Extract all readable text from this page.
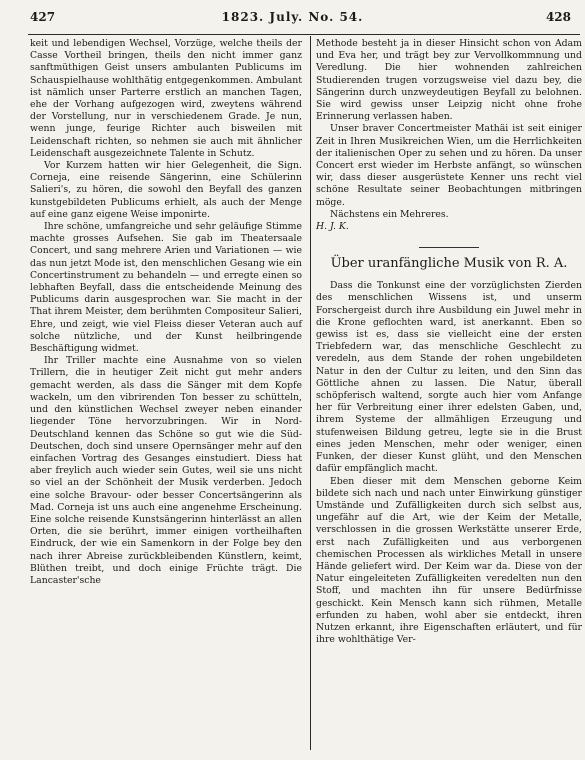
427	1823. July. No. 54.	428

keit und lebendigen Wechsel, Vorzüge, welche theils der Casse Vortheil bringen, theils den nicht immer ganz sanftmüthigen Geist unsers ambulanten Publicums im Schauspielhause wohlthätig entgegenkommen. Ambulant ist nämlich unser Parterre erstlich an manchen Tagen, ehe der Vorhang aufgezogen wird, zweytens während der Vorstellung, nur in verschiedenem Grade. Je nun, wenn junge, feurige Richter auch bisweilen mit Leidenschaft richten, so nehmen sie auch mit ähnlicher Leidenschaft ausgezeichnete Talente in Schutz.

Vor Kurzem hatten wir hier Gelegenheit, die Sign. Corneja, eine reisende Sängerinn, eine Schülerinn Salieri's, zu hören, die sowohl den Beyfall des ganzen kunstgebildeten Publicums erhielt, als auch der Menge auf eine ganz eigene Weise imponirte.

Ihre schöne, umfangreiche und sehr geläufige Stimme machte grosses Aufsehen. Sie gab im Theatersaale Concert, und sang mehrere Arien und Variationen — wie das nun jetzt Mode ist, den menschlichen Gesang wie ein Concertinstrument zu behandeln — und erregte einen so lebhaften Beyfall, dass die entscheidende Meinung des Publicums darin ausgesprochen war. Sie macht in der That ihrem Meister, dem berühmten Compositeur Salieri, Ehre, und zeigt, wie viel Fleiss dieser Veteran auch auf solche nützliche, und der Kunst heilbringende Beschäftigung widmet.

Ihr Triller machte eine Ausnahme von so vielen Trillern, die in heutiger Zeit nicht gut mehr anders gemacht werden, als dass die Sänger mit dem Kopfe wackeln, um den vibrirenden Ton besser zu schütteln, und den künstlichen Wechsel zweyer neben einander liegender Töne hervorzubringen. Wir in Nord-Deutschland kennen das Schöne so gut wie die Süd-Deutschen, doch sind unsere Opernsänger mehr auf den einfachen Vortrag des Gesanges einstudiert. Diess hat aber freylich auch wieder sein Gutes, weil sie uns nicht so viel an der Schönheit der Musik verderben. Jedoch eine solche Bravour- oder besser Concertsängerinn als Mad. Corneja ist uns auch eine angenehme Erscheinung. Eine solche reisende Kunstsängerinn hinterlässt an allen Orten, die sie berührt, immer einigen vortheilhaften Eindruck, der wie ein Samenkorn in der Folge bey den nach ihrer Abreise zurückbleibenden Künstlern, keimt, Blüthen treibt, und doch einige Früchte trägt. Die Lancaster'sche

Methode besteht ja in dieser Hinsicht schon von Adam und Eva her, und trägt bey zur Vervollkommnung und Veredlung. Die hier wohnenden zahlreichen Studierenden trugen vorzugsweise viel dazu bey, die Sängerinn durch unzweydeutigen Beyfall zu belohnen. Sie wird gewiss unser Leipzig nicht ohne frohe Erinnerung verlassen haben.

Unser braver Concertmeister Mathäi ist seit einiger Zeit in Ihren Musikreichen Wien, um die Herrlichkeiten der italienischen Oper zu sehen und zu hören. Da unser Concert erst wieder im Herbste anfängt, so wünschen wir, dass dieser ausgerüstete Kenner uns recht viel schöne Resultate seiner Beobachtungen mitbringen möge.

Nächstens ein Mehreres.

H. J. K.

Über uranfängliche Musik von R. A.

Dass die Tonkunst eine der vorzüglichsten Zierden des menschlichen Wissens ist, und unserm Forschergeist durch ihre Ausbildung ein Juwel mehr in die Krone geflochten ward, ist anerkannt. Eben so gewiss ist es, dass sie vielleicht eine der ersten Triebfedern war, das menschliche Geschlecht zu veredeln, aus dem Stande der rohen ungebildeten Natur in den der Cultur zu leiten, und den Sinn das Göttliche ahnen zu lassen. Die Natur, überall schöpferisch waltend, sorgte auch hier vom Anfange her für Verbreitung einer ihrer edelsten Gaben, und, ihrem Systeme der allmähligen Erzeugung und stufenweisen Bildung getreu, legte sie in die Brust eines jeden Menschen, mehr oder weniger, einen Funken, der dieser Kunst glüht, und den Menschen dafür empfänglich macht.

Eben dieser mit dem Menschen geborne Keim bildete sich nach und nach unter Einwirkung günstiger Umstände und Zufälligkeiten durch sich selbst aus, ungefähr auf die Art, wie der Keim der Metalle, verschlossen in die grossen Werkstätte unserer Erde, erst nach Zufälligkeiten und aus verborgenen chemischen Processen als wirkliches Metall in unsere Hände geliefert wird. Der Keim war da. Diese von der Natur eingeleiteten Zufälligkeiten veredelten nun den Stoff, und machten ihn für unsere Bedürfnisse geschickt. Kein Mensch kann sich rühmen, Metalle erfunden zu haben, wohl aber sie entdeckt, ihren Nutzen erkannt, ihre Eigenschaften erläutert, und für ihre wohlthätige Ver-
